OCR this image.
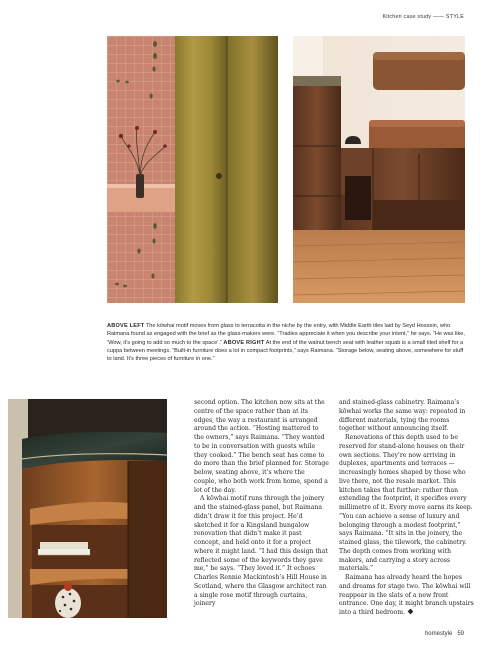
Kitchen case study —— STYLE
ABOVE LEFT The kōwhai motif moves from glass to terracotta in the niche by the entry, with Middle Earth tiles laid by Seyd Hossein, who Raimana found as engaged with the brief as the glass-makers were. “Tradies appreciate it when you describe your intent,” he says. “He was like, ‘Wow, it’s going to add so much to the space’.” ABOVE RIGHT At the end of the walnut bench seat with leather squab is a small tiled shelf for a cuppa between meetings. “Built-in furniture does a lot in compact footprints,” says Raimana. “Storage below, seating above, somewhere for stuff to land. It’s three pieces of furniture in one.”

second option. The kitchen now sits at the centre of the space rather than at its edges, the way a restaurant is arranged around the action. “Hosting mattered to the owners,” says Raimana. “They wanted to be in conversation with guests while they cooked.” The bench seat has come to do more than the brief planned for. Storage below, seating above, it’s where the couple, who both work from home, spend a lot of the day.

A kōwhai motif runs through the joinery and the stained-glass panel, but Raimana didn’t draw it for this project. He’d sketched it for a Kingsland bungalow renovation that didn’t make it past concept, and held onto it for a project where it might land. “I had this design that reflected some of the keywords they gave me,” he says. “They loved it.” It echoes Charles Rennie Mackintosh’s Hill House in Scotland, where the Glasgow architect ran a single rose motif through curtains, joinery

and stained-glass cabinetry. Raimana’s kōwhai works the same way: repeated in different materials, tying the rooms together without announcing itself.

Renovations of this depth used to be reserved for stand-alone houses on their own sections. They’re now arriving in duplexes, apartments and terraces — increasingly homes shaped by those who live there, not the resale market. This kitchen takes that further: rather than extending the footprint, it specifies every millimetre of it. Every move earns its keep. “You can achieve a sense of luxury and belonging through a modest footprint,” says Raimana. “It sits in the joinery, the stained glass, the tilework, the cabinetry. The depth comes from working with makers, and carrying a story across materials.”

Raimana has already heard the hopes and dreams for stage two. The kōwhai will reappear in the slats of a new front entrance. One day, it might branch upstairs into a third bedroom.

homestyle 59
